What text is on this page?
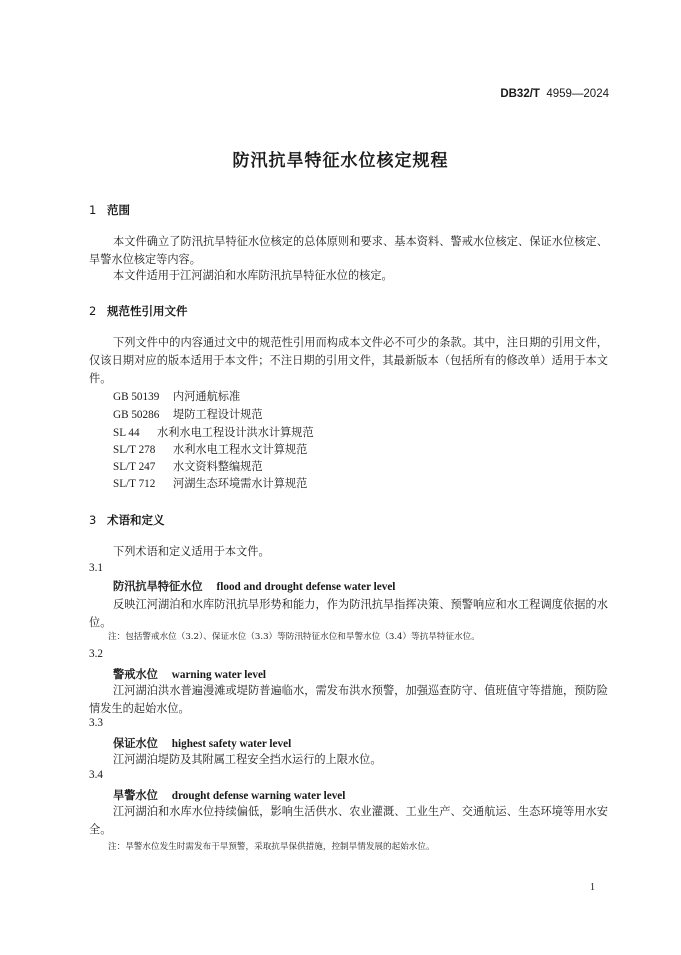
DB32/T 4959—2024
防汛抗旱特征水位核定规程
1 范围
本文件确立了防汛抗旱特征水位核定的总体原则和要求、基本资料、警戒水位核定、保证水位核定、旱警水位核定等内容。
本文件适用于江河湖泊和水库防汛抗旱特征水位的核定。
2 规范性引用文件
下列文件中的内容通过文中的规范性引用而构成本文件必不可少的条款。其中，注日期的引用文件，仅该日期对应的版本适用于本文件；不注日期的引用文件，其最新版本（包括所有的修改单）适用于本文件。
GB 50139 内河通航标准
GB 50286 堤防工程设计规范
SL 44 水利水电工程设计洪水计算规范
SL/T 278 水利水电工程水文计算规范
SL/T 247 水文资料整编规范
SL/T 712 河湖生态环境需水计算规范
3 术语和定义
下列术语和定义适用于本文件。
3.1
防汛抗旱特征水位 flood and drought defense water level
反映江河湖泊和水库防汛抗旱形势和能力，作为防汛抗旱指挥决策、预警响应和水工程调度依据的水位。
注：包括警戒水位（3.2）、保证水位（3.3）等防汛特征水位和旱警水位（3.4）等抗旱特征水位。
3.2
警戒水位 warning water level
江河湖泊洪水普遍漫滩或堤防普遍临水，需发布洪水预警，加强巡查防守、值班值守等措施，预防险情发生的起始水位。
3.3
保证水位 highest safety water level
江河湖泊堤防及其附属工程安全挡水运行的上限水位。
3.4
旱警水位 drought defense warning water level
江河湖泊和水库水位持续偏低，影响生活供水、农业灌溉、工业生产、交通航运、生态环境等用水安全。
注：旱警水位发生时需发布干旱预警，采取抗旱保供措施，控制旱情发展的起始水位。
1
